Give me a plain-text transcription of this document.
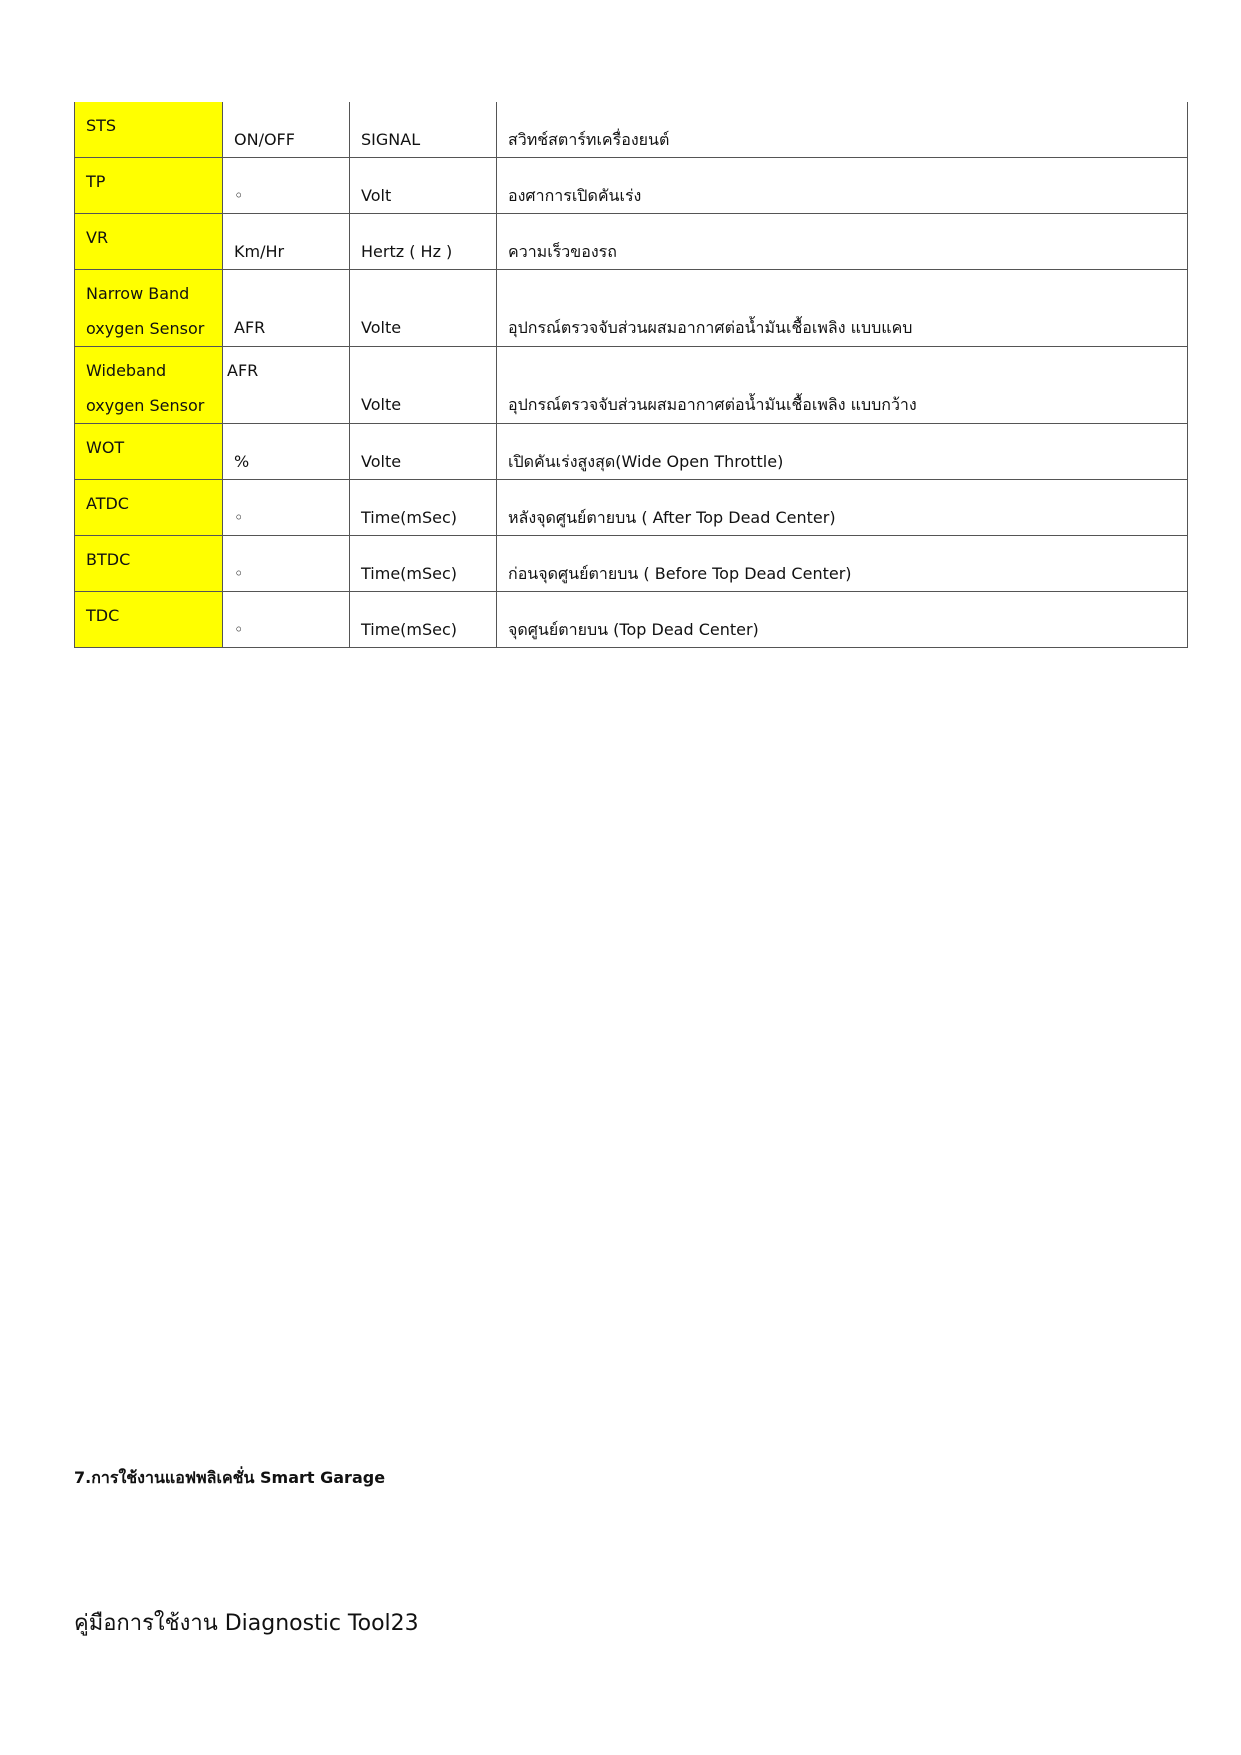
STS	ON/OFF	SIGNAL	สวิทช์สตาร์ทเครื่องยนต์

TP	◦	Volt	องศาการเปิดคันเร่ง

VR	Km/Hr	Hertz ( Hz )	ความเร็วของรถ

Narrow Band
oxygen Sensor	AFR	Volte	อุปกรณ์ตรวจจับส่วนผสมอากาศต่อน้ำมันเชื้อเพลิง แบบแคบ

Wideband
oxygen Sensor	AFR	Volte	อุปกรณ์ตรวจจับส่วนผสมอากาศต่อน้ำมันเชื้อเพลิง แบบกว้าง

WOT	%	Volte	เปิดคันเร่งสูงสุด(Wide Open Throttle)

ATDC	◦	Time(mSec)	หลังจุดศูนย์ตายบน ( After Top Dead Center)

BTDC	◦	Time(mSec)	ก่อนจุดศูนย์ตายบน ( Before Top Dead Center)

TDC	◦	Time(mSec)	จุดศูนย์ตายบน (Top Dead Center)
7.การใช้งานแอฟพลิเคชั่น Smart Garage

คู่มือการใช้งาน Diagnostic Tool23
